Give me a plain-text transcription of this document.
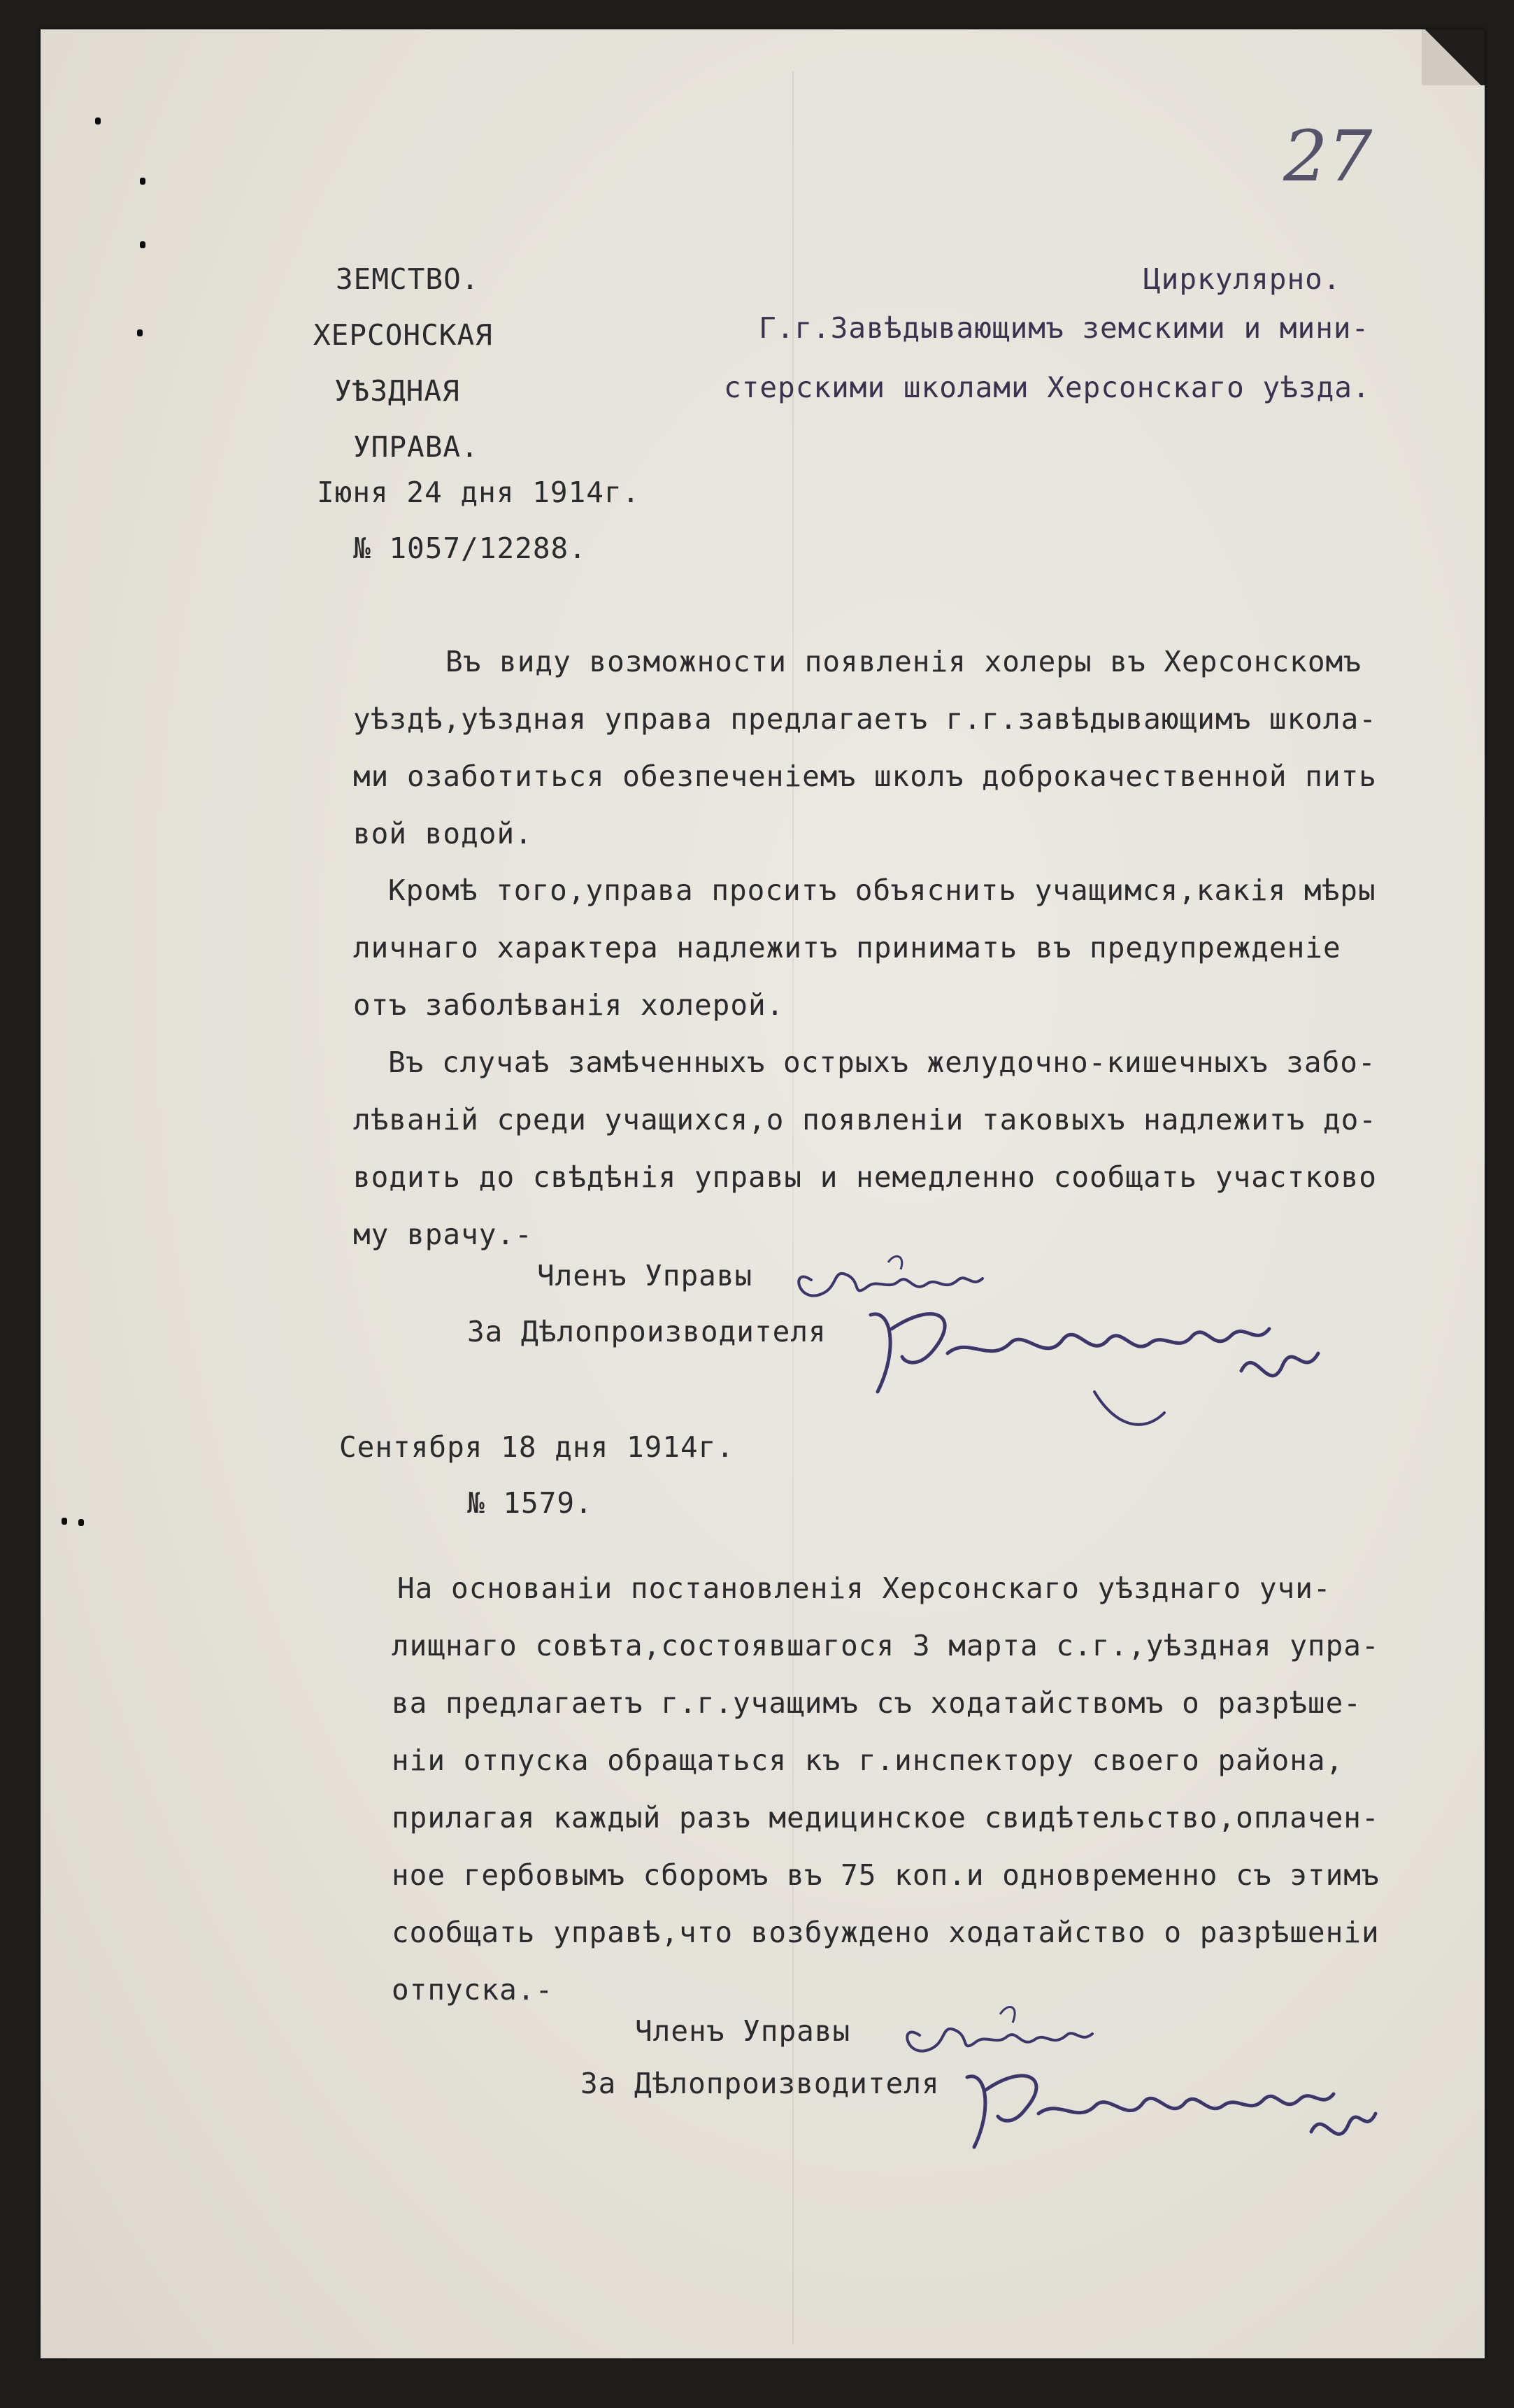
27
ЗЕМСТВО.
ХЕРСОНСКАЯ
УѢЗДНАЯ
УПРАВА.
Iюня 24 дня 1914г.
№ 1057/12288.
Циркулярно.
Г.г.Завѣдывающимъ земскими и мини-
стерскими школами Херсонскаго уѣзда.
Въ виду возможности появленiя холеры въ Херсонскомъ
уѣздѣ,уѣздная управа предлагаетъ г.г.завѣдывающимъ школа-
ми озаботиться обезпеченiемъ школъ доброкачественной пить
вой водой.
Кромѣ того,управа проситъ объяснить учащимся,какiя мѣры
личнаго характера надлежитъ принимать въ предупрежденiе
отъ заболѣванiя холерой.
Въ случаѣ замѣченныхъ острыхъ желудочно-кишечныхъ забо-
лѣванiй среди учащихся,о появленiи таковыхъ надлежитъ до-
водить до свѣдѣнiя управы и немедленно сообщать участково
му врачу.-
Членъ Управы
За Дѣлопроизводителя
Сентября 18 дня 1914г.
№ 1579.
На основанiи постановленiя Херсонскаго уѣзднаго учи-
лищнаго совѣта,состоявшагося 3 марта с.г.,уѣздная упра-
ва предлагаетъ г.г.учащимъ съ ходатайствомъ о разрѣше-
нiи отпуска обращаться къ г.инспектору своего района,
прилагая каждый разъ медицинское свидѣтельство,оплачен-
ное гербовымъ сборомъ въ 75 коп.и одновременно съ этимъ
сообщать управѣ,что возбуждено ходатайство о разрѣшенiи
отпуска.-
Членъ Управы
За Дѣлопроизводителя
